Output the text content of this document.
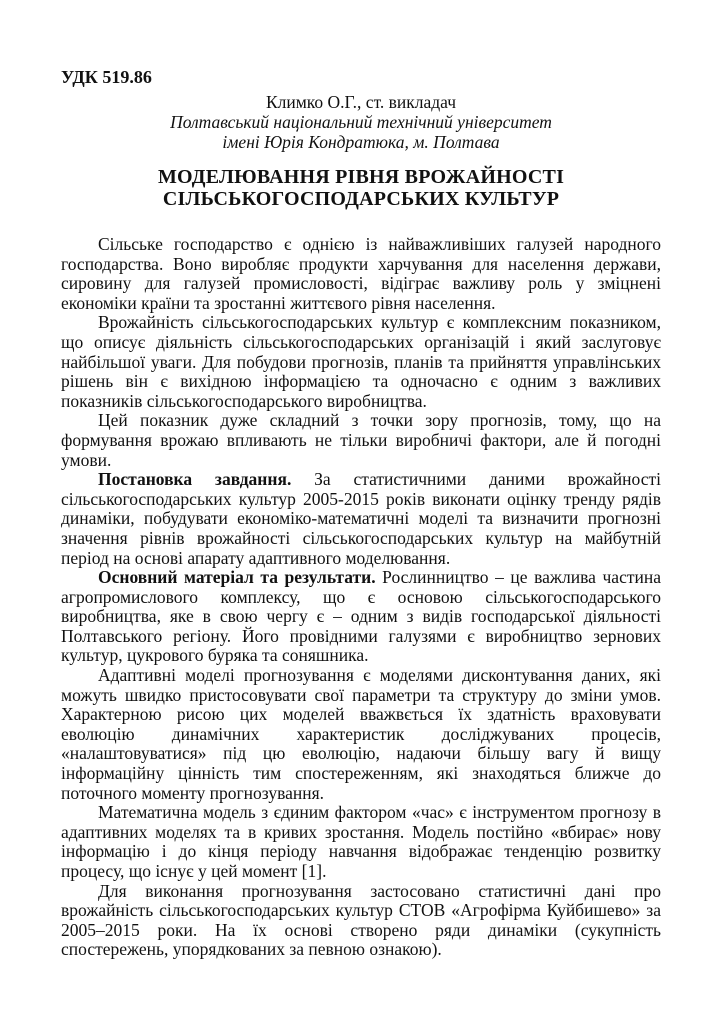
УДК 519.86
Климко О.Г., ст. викладач
Полтавський національний технічний університет
імені Юрія Кондратюка, м. Полтава
МОДЕЛЮВАННЯ РІВНЯ ВРОЖАЙНОСТІ
СІЛЬСЬКОГОСПОДАРСЬКИХ КУЛЬТУР

Сільське господарство є однією із найважливіших галузей народного господарства. Воно виробляє продукти харчування для населення держави, сировину для галузей промисловості, відіграє важливу роль у зміцнені економіки країни та зростанні життєвого рівня населення.

Врожайність сільськогосподарських культур є комплексним показником, що описує діяльність сільськогосподарських організацій і який заслуговує найбільшої уваги. Для побудови прогнозів, планів та прийняття управлінських рішень він є вихідною інформацією та одночасно є одним з важливих показників сільськогосподарського виробництва.

Цей показник дуже складний з точки зору прогнозів, тому, що на формування врожаю впливають не тільки виробничі фактори, але й погодні умови.

Постановка завдання. За статистичними даними врожайності сільськогосподарських культур 2005-2015 років виконати оцінку тренду рядів динаміки, побудувати економіко-математичні моделі та визначити прогнозні значення рівнів врожайності сільськогосподарських культур на майбутній період на основі апарату адаптивного моделювання.

Основний матеріал та результати. Рослинництво – це важлива частина агропромислового комплексу, що є основою сільськогосподарського виробництва, яке в свою чергу є – одним з видів господарської діяльності Полтавського регіону. Його провідними галузями є виробництво зернових культур, цукрового буряка та соняшника.

Адаптивні моделі прогнозування є моделями дисконтування даних, які можуть швидко пристосовувати свої параметри та структуру до зміни умов. Характерною рисою цих моделей вважвється їх здатність враховувати еволюцію динамічних характеристик досліджуваних процесів, «налаштовуватися» під цю еволюцію, надаючи більшу вагу й вищу інформаційну цінність тим спостереженням, які знаходяться ближче до поточного моменту прогнозування.

Математична модель з єдиним фактором «час» є інструментом прогнозу в адаптивних моделях та в кривих зростання. Модель постійно «вбирає» нову інформацію і до кінця періоду навчання відображає тенденцію розвитку процесу, що існує у цей момент [1].

Для виконання прогнозування застосовано статистичні дані про врожайність сільськогосподарських культур СТОВ «Агрофірма Куйбишево» за 2005–2015 роки. На їх основі створено ряди динаміки (сукупність спостережень, упорядкованих за певною ознакою).
